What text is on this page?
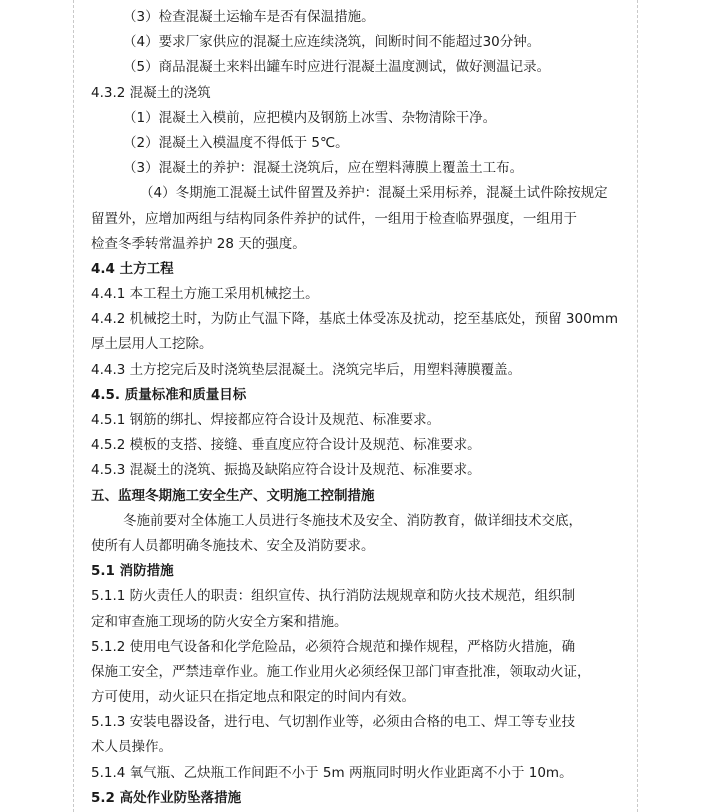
（3）检查混凝土运输车是否有保温措施。
（4）要求厂家供应的混凝土应连续浇筑，间断时间不能超过30分钟。
（5）商品混凝土来料出罐车时应进行混凝土温度测试，做好测温记录。
4.3.2 混凝土的浇筑
（1）混凝土入模前，应把模内及钢筋上冰雪、杂物清除干净。
（2）混凝土入模温度不得低于 5℃。
（3）混凝土的养护：混凝土浇筑后，应在塑料薄膜上覆盖土工布。
（4）冬期施工混凝土试件留置及养护：混凝土采用标养，混凝土试件除按规定
留置外，应增加两组与结构同条件养护的试件，一组用于检查临界强度，一组用于
检查冬季转常温养护 28 天的强度。
4.4 土方工程
4.4.1 本工程土方施工采用机械挖土。
4.4.2 机械挖土时，为防止气温下降，基底土体受冻及扰动，挖至基底处，预留 300mm
厚土层用人工挖除。
4.4.3 土方挖完后及时浇筑垫层混凝土。浇筑完毕后，用塑料薄膜覆盖。
4.5. 质量标准和质量目标
4.5.1 钢筋的绑扎、焊接都应符合设计及规范、标准要求。
4.5.2 模板的支搭、接缝、垂直度应符合设计及规范、标准要求。
4.5.3 混凝土的浇筑、振捣及缺陷应符合设计及规范、标准要求。
五、监理冬期施工安全生产、文明施工控制措施
冬施前要对全体施工人员进行冬施技术及安全、消防教育，做详细技术交底，
使所有人员都明确冬施技术、安全及消防要求。
5.1 消防措施
5.1.1 防火责任人的职责：组织宣传、执行消防法规规章和防火技术规范，组织制
定和审查施工现场的防火安全方案和措施。
5.1.2 使用电气设备和化学危险品，必须符合规范和操作规程，严格防火措施，确
保施工安全，严禁违章作业。施工作业用火必须经保卫部门审查批准，领取动火证，
方可使用，动火证只在指定地点和限定的时间内有效。
5.1.3 安装电器设备，进行电、气切割作业等，必须由合格的电工、焊工等专业技
术人员操作。
5.1.4 氧气瓶、乙炔瓶工作间距不小于 5m 两瓶同时明火作业距离不小于 10m。
5.2 高处作业防坠落措施
